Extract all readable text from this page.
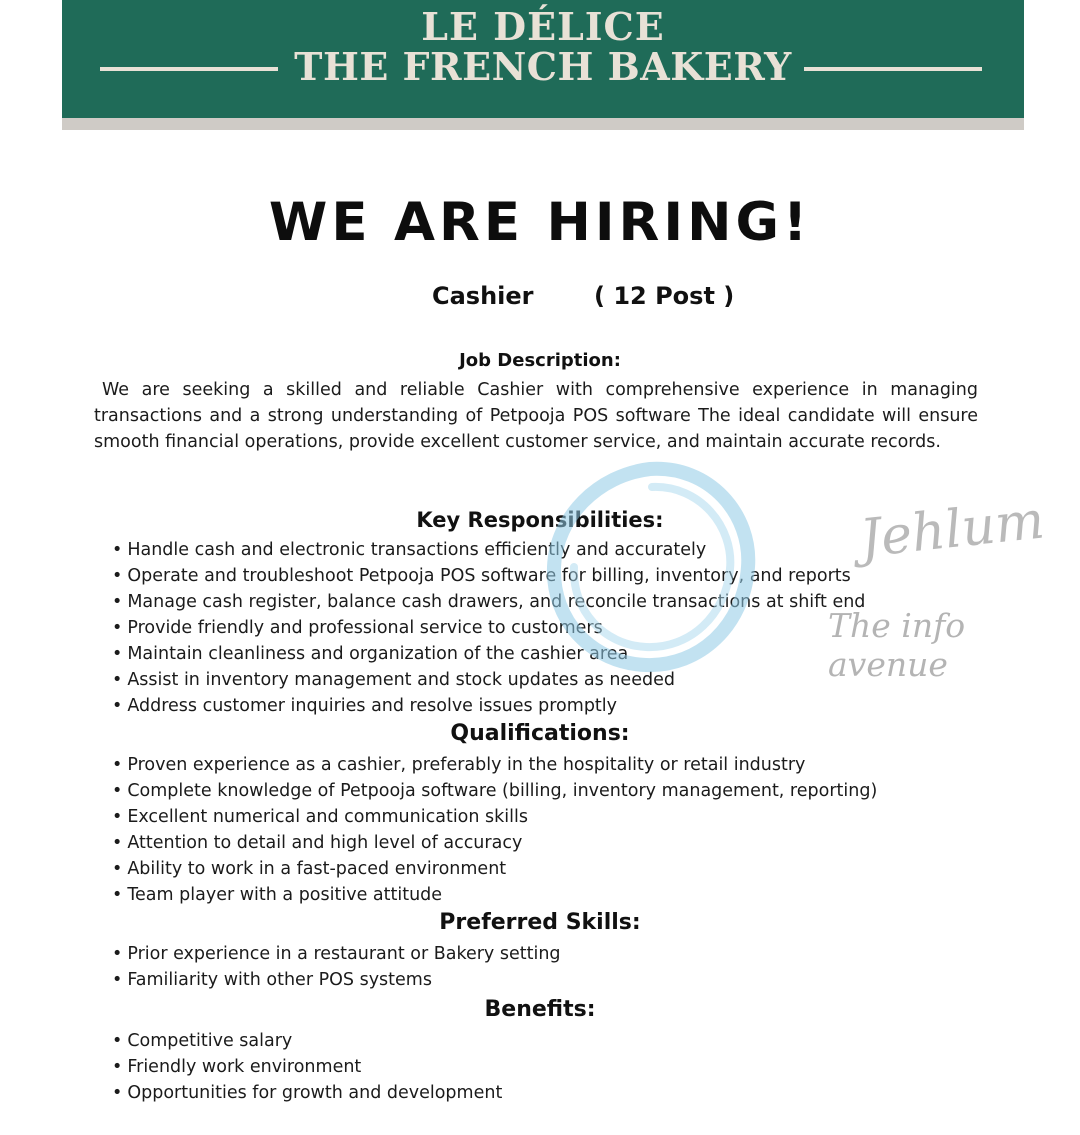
LE DÉLICE
THE FRENCH BAKERY
WE ARE HIRING!
Cashier	( 12 Post )
Job Description:
We are seeking a skilled and reliable Cashier with comprehensive experience in managing transactions and a strong understanding of Petpooja POS software The ideal candidate will ensure smooth financial operations, provide excellent customer service, and maintain accurate records.
Key Responsibilities:
• Handle cash and electronic transactions efficiently and accurately
• Operate and troubleshoot Petpooja POS software for billing, inventory, and reports
• Manage cash register, balance cash drawers, and reconcile transactions at shift end
• Provide friendly and professional service to customers
• Maintain cleanliness and organization of the cashier area
• Assist in inventory management and stock updates as needed
• Address customer inquiries and resolve issues promptly
Qualifications:
• Proven experience as a cashier, preferably in the hospitality or retail industry
• Complete knowledge of Petpooja software (billing, inventory management, reporting)
• Excellent numerical and communication skills
• Attention to detail and high level of accuracy
• Ability to work in a fast-paced environment
• Team player with a positive attitude
Preferred Skills:
• Prior experience in a restaurant or Bakery setting
• Familiarity with other POS systems
Benefits:
• Competitive salary
• Friendly work environment
• Opportunities for growth and development
Jehlum
The info avenue
